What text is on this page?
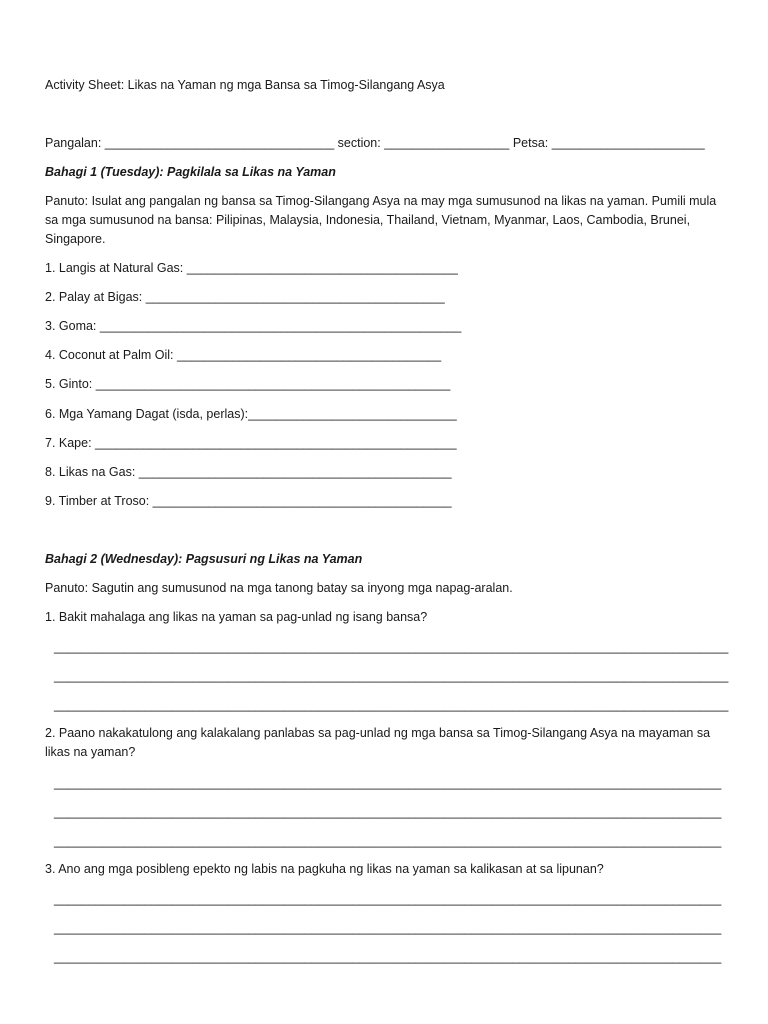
Activity Sheet: Likas na Yaman ng mga Bansa sa Timog-Silangang Asya
Pangalan: _________________________________ section: __________________ Petsa: ______________________
Bahagi 1 (Tuesday): Pagkilala sa Likas na Yaman
Panuto: Isulat ang pangalan ng bansa sa Timog-Silangang Asya na may mga sumusunod na likas na yaman. Pumili mula sa mga sumusunod na bansa: Pilipinas, Malaysia, Indonesia, Thailand, Vietnam, Myanmar, Laos, Cambodia, Brunei, Singapore.
1. Langis at Natural Gas: _______________________________________
2. Palay at Bigas: ___________________________________________
3. Goma: ____________________________________________________
4. Coconut at Palm Oil: ______________________________________
5. Ginto: ___________________________________________________
6. Mga Yamang Dagat (isda, perlas):______________________________
7. Kape: ____________________________________________________
8. Likas na Gas: _____________________________________________
9. Timber at Troso: ___________________________________________
Bahagi 2 (Wednesday): Pagsusuri ng Likas na Yaman
Panuto: Sagutin ang sumusunod na mga tanong batay sa inyong mga napag-aralan.
1. Bakit mahalaga ang likas na yaman sa pag-unlad ng isang bansa?
_________________________________________________________________________________________________
_________________________________________________________________________________________________
_________________________________________________________________________________________________
2. Paano nakakatulong ang kalakalang panlabas sa pag-unlad ng mga bansa sa Timog-Silangang Asya na mayaman sa likas na yaman?
________________________________________________________________________________________________
________________________________________________________________________________________________
________________________________________________________________________________________________
3. Ano ang mga posibleng epekto ng labis na pagkuha ng likas na yaman sa kalikasan at sa lipunan?
________________________________________________________________________________________________
________________________________________________________________________________________________
________________________________________________________________________________________________
